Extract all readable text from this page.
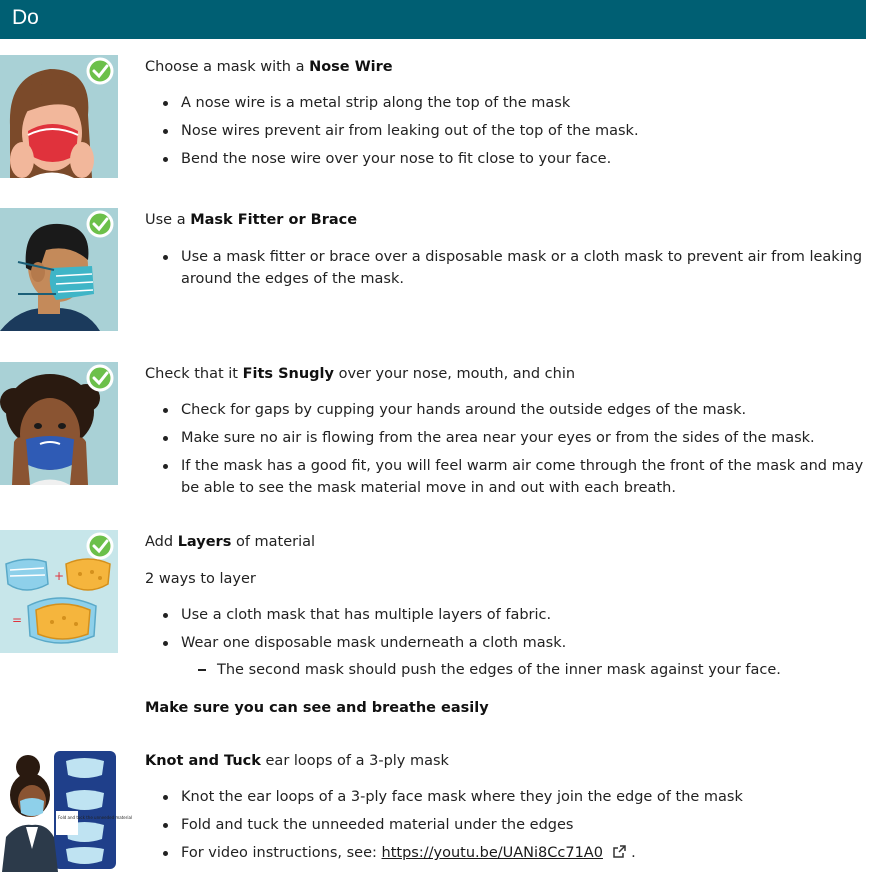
Do
Choose a mask with a Nose Wire
A nose wire is a metal strip along the top of the mask
Nose wires prevent air from leaking out of the top of the mask.
Bend the nose wire over your nose to fit close to your face.
Use a Mask Fitter or Brace
Use a mask fitter or brace over a disposable mask or a cloth mask to prevent air from leaking around the edges of the mask.
Check that it Fits Snugly over your nose, mouth, and chin
Check for gaps by cupping your hands around the outside edges of the mask.
Make sure no air is flowing from the area near your eyes or from the sides of the mask.
If the mask has a good fit, you will feel warm air come through the front of the mask and may be able to see the mask material move in and out with each breath.
+
=
Add Layers of material
2 ways to layer
Use a cloth mask that has multiple layers of fabric.
Wear one disposable mask underneath a cloth mask.
The second mask should push the edges of the inner mask against your face.
Make sure you can see and breathe easily
Fold and tuck the unneeded material
Knot and Tuck ear loops of a 3-ply mask
Knot the ear loops of a 3-ply face mask where they join the edge of the mask
Fold and tuck the unneeded material under the edges
For video instructions, see: https://youtu.be/UANi8Cc71A0  .
